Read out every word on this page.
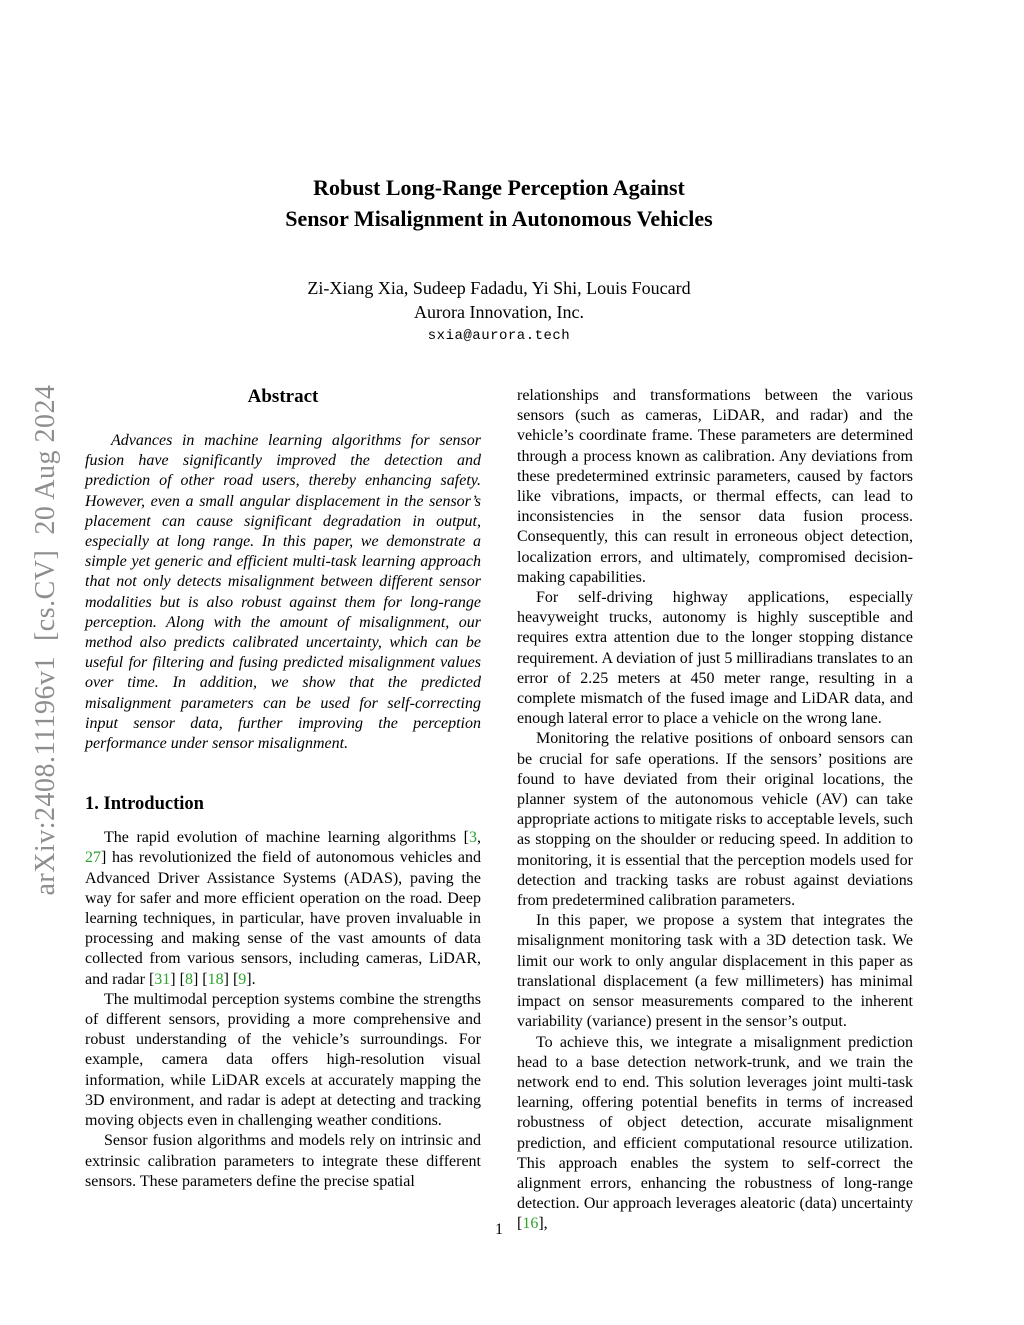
arXiv:2408.11196v1  [cs.CV]  20 Aug 2024
Robust Long-Range Perception Against
Sensor Misalignment in Autonomous Vehicles
Zi-Xiang Xia, Sudeep Fadadu, Yi Shi, Louis Foucard
Aurora Innovation, Inc.
sxia@aurora.tech
Abstract
Advances in machine learning algorithms for sensor fusion have significantly improved the detection and prediction of other road users, thereby enhancing safety. However, even a small angular displacement in the sensor’s placement can cause significant degradation in output, especially at long range. In this paper, we demonstrate a simple yet generic and efficient multi-task learning approach that not only detects misalignment between different sensor modalities but is also robust against them for long-range perception. Along with the amount of misalignment, our method also predicts calibrated uncertainty, which can be useful for filtering and fusing predicted misalignment values over time. In addition, we show that the predicted misalignment parameters can be used for self-correcting input sensor data, further improving the perception performance under sensor misalignment.
1. Introduction

The rapid evolution of machine learning algorithms [3, 27] has revolutionized the field of autonomous vehicles and Advanced Driver Assistance Systems (ADAS), paving the way for safer and more efficient operation on the road. Deep learning techniques, in particular, have proven invaluable in processing and making sense of the vast amounts of data collected from various sensors, including cameras, LiDAR, and radar [31] [8] [18] [9].

The multimodal perception systems combine the strengths of different sensors, providing a more comprehensive and robust understanding of the vehicle’s surroundings. For example, camera data offers high-resolution visual information, while LiDAR excels at accurately mapping the 3D environment, and radar is adept at detecting and tracking moving objects even in challenging weather conditions.

Sensor fusion algorithms and models rely on intrinsic and extrinsic calibration parameters to integrate these different sensors. These parameters define the precise spatial

relationships and transformations between the various sensors (such as cameras, LiDAR, and radar) and the vehicle’s coordinate frame. These parameters are determined through a process known as calibration. Any deviations from these predetermined extrinsic parameters, caused by factors like vibrations, impacts, or thermal effects, can lead to inconsistencies in the sensor data fusion process. Consequently, this can result in erroneous object detection, localization errors, and ultimately, compromised decision-making capabilities.

For self-driving highway applications, especially heavyweight trucks, autonomy is highly susceptible and requires extra attention due to the longer stopping distance requirement. A deviation of just 5 milliradians translates to an error of 2.25 meters at 450 meter range, resulting in a complete mismatch of the fused image and LiDAR data, and enough lateral error to place a vehicle on the wrong lane.

Monitoring the relative positions of onboard sensors can be crucial for safe operations. If the sensors’ positions are found to have deviated from their original locations, the planner system of the autonomous vehicle (AV) can take appropriate actions to mitigate risks to acceptable levels, such as stopping on the shoulder or reducing speed. In addition to monitoring, it is essential that the perception models used for detection and tracking tasks are robust against deviations from predetermined calibration parameters.

In this paper, we propose a system that integrates the misalignment monitoring task with a 3D detection task. We limit our work to only angular displacement in this paper as translational displacement (a few millimeters) has minimal impact on sensor measurements compared to the inherent variability (variance) present in the sensor’s output.

To achieve this, we integrate a misalignment prediction head to a base detection network-trunk, and we train the network end to end. This solution leverages joint multi-task learning, offering potential benefits in terms of increased robustness of object detection, accurate misalignment prediction, and efficient computational resource utilization. This approach enables the system to self-correct the alignment errors, enhancing the robustness of long-range detection. Our approach leverages aleatoric (data) uncertainty [16],

1
